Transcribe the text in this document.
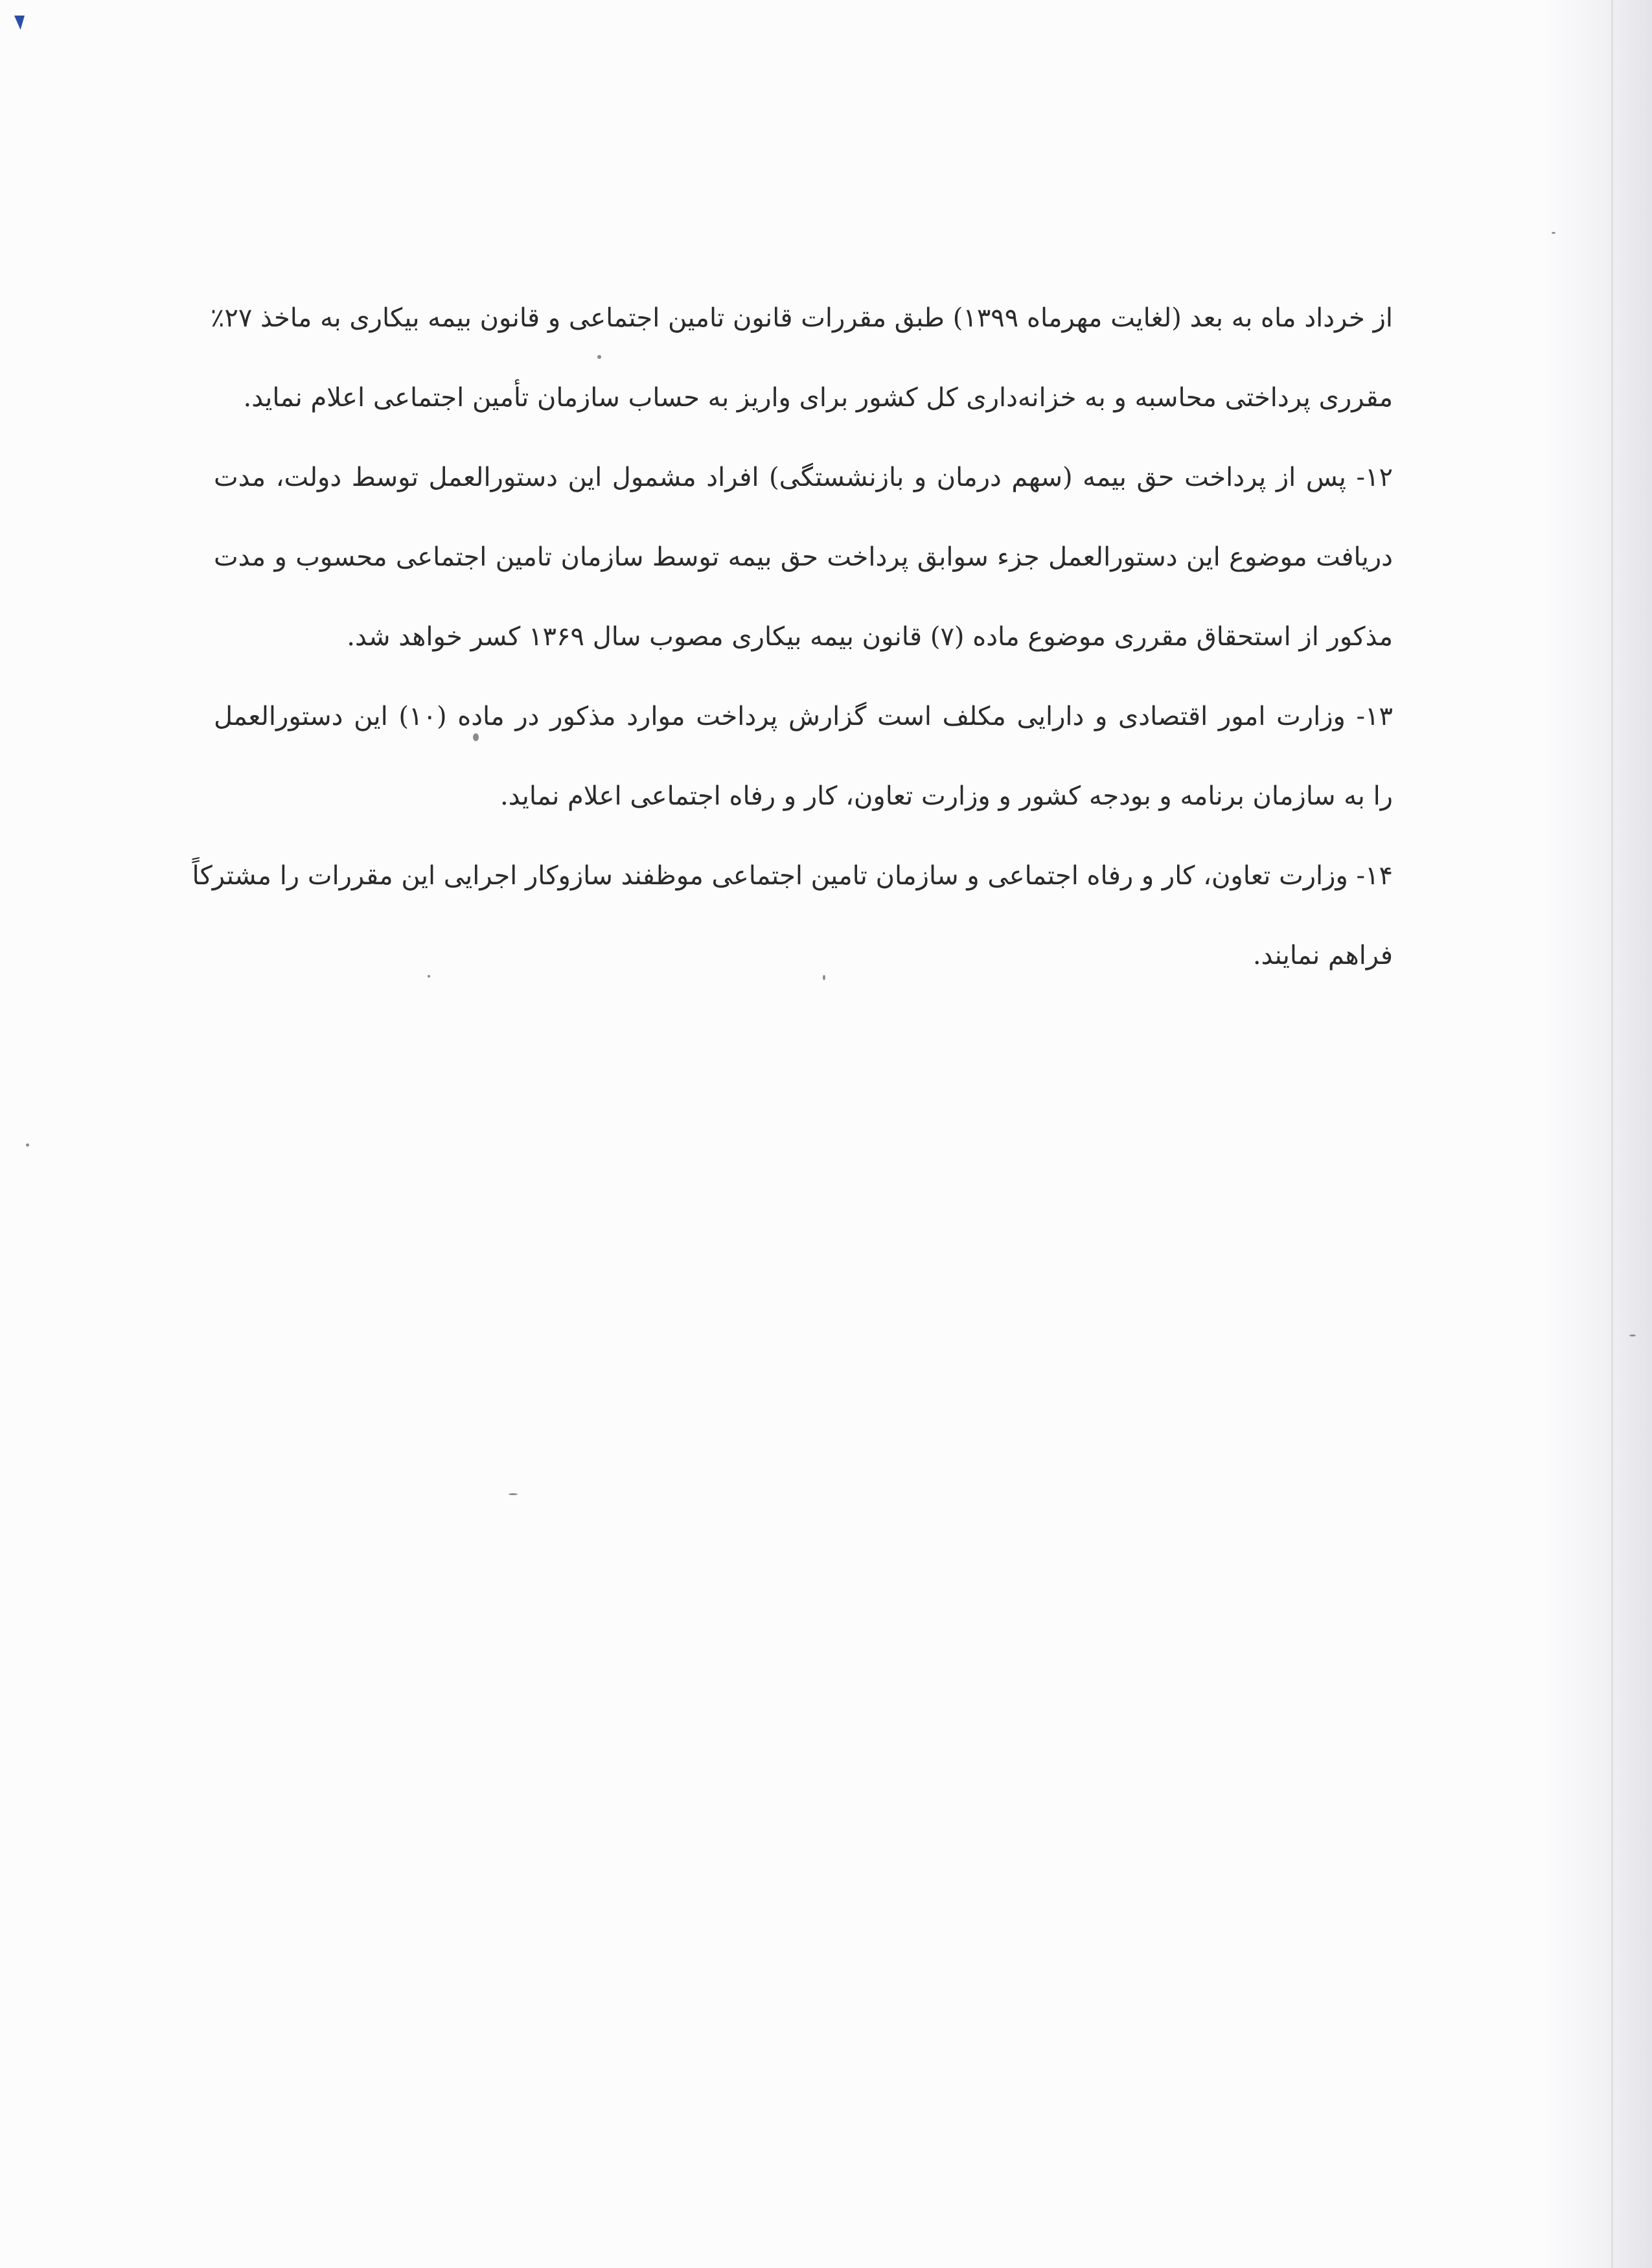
از خرداد ماه به بعد (لغایت مهرماه ۱۳۹۹) طبق مقررات قانون تامین اجتماعی و قانون بیمه بیکاری به ماخذ ۲۷٪
مقرری پرداختی محاسبه و به خزانه‌داری کل کشور برای واریز به حساب سازمان تأمین اجتماعی اعلام نماید.
۱۲- پس از پرداخت حق بیمه (سهم درمان و بازنشستگی) افراد مشمول این دستورالعمل توسط دولت، مدت
دریافت موضوع این دستورالعمل جزء سوابق پرداخت حق بیمه توسط سازمان تامین اجتماعی محسوب و مدت
مذکور از استحقاق مقرری موضوع ماده (۷) قانون بیمه بیکاری مصوب سال ۱۳۶۹ کسر خواهد شد.
۱۳- وزارت امور اقتصادی و دارایی مکلف است گزارش پرداخت موارد مذکور در ماده (۱۰) این دستورالعمل
را به سازمان برنامه و بودجه کشور و وزارت تعاون، کار و رفاه اجتماعی اعلام نماید.
۱۴- وزارت تعاون، کار و رفاه اجتماعی و سازمان تامین اجتماعی موظفند سازوکار اجرایی این مقررات را مشترکاً
فراهم نمایند.
